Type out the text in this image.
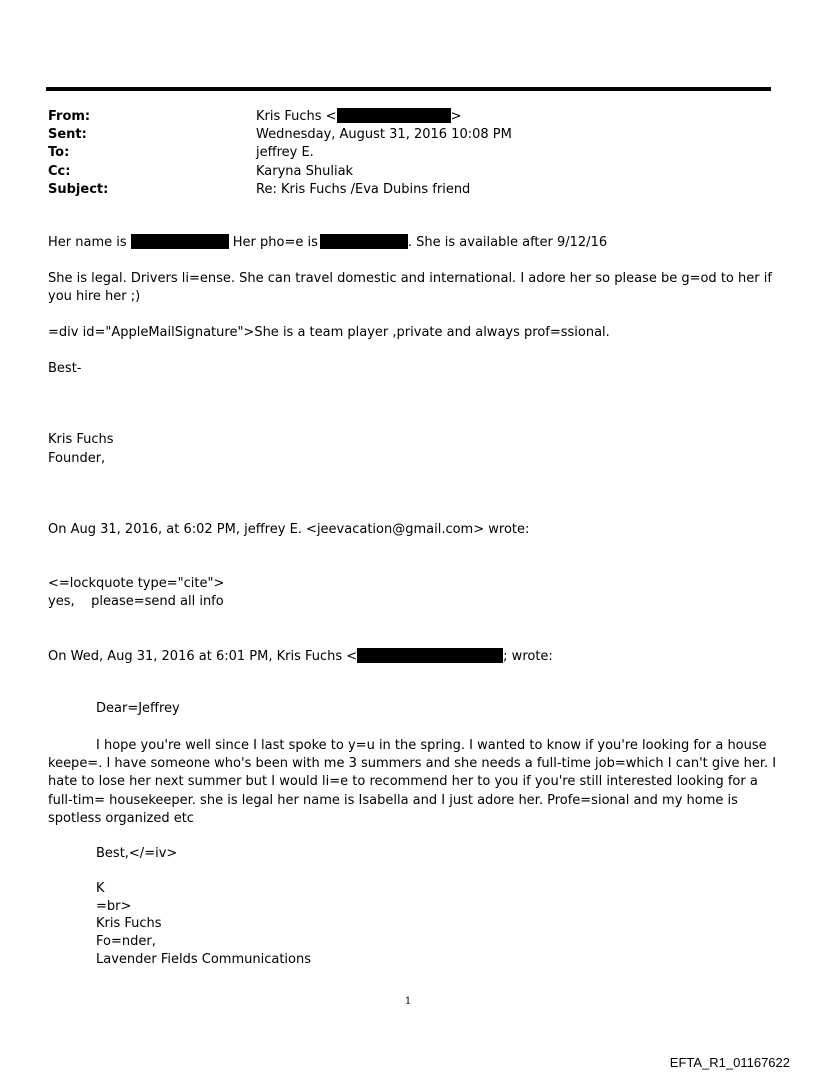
From:	Kris Fuchs <	>
Sent:	Wednesday, August 31, 2016 10:08 PM
To:	jeffrey E.
Cc:	Karyna Shuliak
Subject:	Re: Kris Fuchs /Eva Dubins friend
Her name is	Her pho=e is	. She is available after 9/12/16
She is legal. Drivers li=ense. She can travel domestic and international. I adore her so please be g=od to her if you hire her ;)
=div id="AppleMailSignature">She is a team player ,private and always prof=ssional.
Best-
Kris Fuchs
Founder,
On Aug 31, 2016, at 6:02 PM, jeffrey E. <jeevacation@gmail.com> wrote:
<=lockquote type="cite">
yes,    please=send all info
On Wed, Aug 31, 2016 at 6:01 PM, Kris Fuchs <	; wrote:
Dear=Jeffrey
I hope you're well since I last spoke to y=u in the spring. I wanted to know if you're looking for a house keepe=. I have someone who's been with me 3 summers and she needs a full-time job=which I can't give her. I hate to lose her next summer but I would li=e to recommend her to you if you're still interested looking for a full-tim= housekeeper. she is legal her name is Isabella and I just adore her. Profe=sional and my home is spotless organized etc
Best,</=iv>
K
=br>
Kris Fuchs
Fo=nder,
Lavender Fields Communications
1
EFTA_R1_01167622
